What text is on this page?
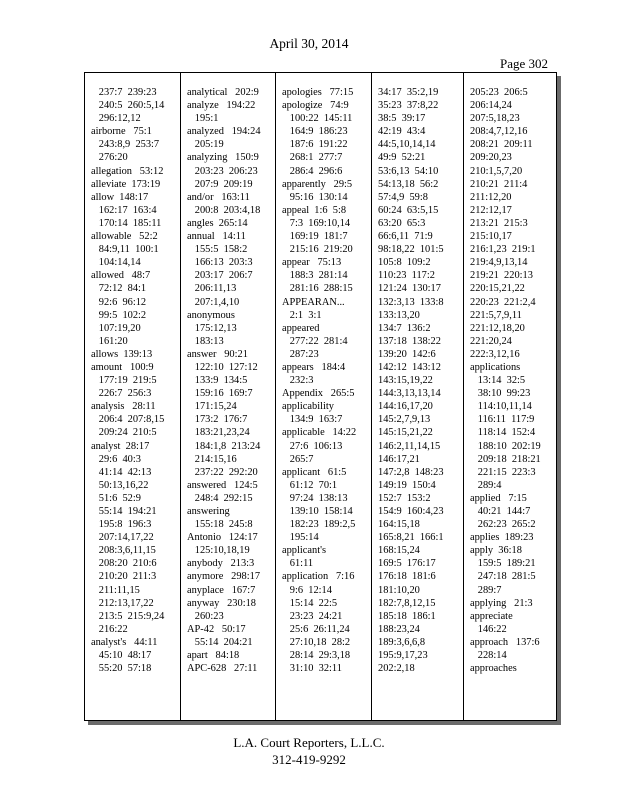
April 30, 2014
Page 302
237:7  239:23
240:5  260:5,14
296:12,12
airborne   75:1
243:8,9  253:7
276:20
allegation   53:12
alleviate  173:19
allow  148:17
162:17  163:4
170:14  185:11
allowable   52:2
84:9,11  100:1
104:14,14
allowed   48:7
72:12  84:1
92:6  96:12
99:5  102:2
107:19,20
161:20
allows  139:13
amount   100:9
177:19  219:5
226:7  256:3
analysis   28:11
206:4  207:8,15
209:24  210:5
analyst  28:17
29:6  40:3
41:14  42:13
50:13,16,22
51:6  52:9
55:14  194:21
195:8  196:3
207:14,17,22
208:3,6,11,15
208:20  210:6
210:20  211:3
211:11,15
212:13,17,22
213:5  215:9,24
216:22
analyst's   44:11
45:10  48:17
55:20  57:18
analytical   202:9
analyze   194:22
195:1
analyzed   194:24
205:19
analyzing   150:9
203:23  206:23
207:9  209:19
and/or   163:11
200:8  203:4,18
angles  265:14
annual   14:11
155:5  158:2
166:13  203:3
203:17  206:7
206:11,13
207:1,4,10
anonymous
175:12,13
183:13
answer   90:21
122:10  127:12
133:9  134:5
159:16  169:7
171:15,24
173:2  176:7
183:21,23,24
184:1,8  213:24
214:15,16
237:22  292:20
answered   124:5
248:4  292:15
answering
155:18  245:8
Antonio   124:17
125:10,18,19
anybody   213:3
anymore   298:17
anyplace   167:7
anyway   230:18
260:23
AP-42   50:17
55:14  204:21
apart   84:18
APC-628   27:11
apologies   77:15
apologize   74:9
100:22  145:11
164:9  186:23
187:6  191:22
268:1  277:7
286:4  296:6
apparently   29:5
95:16  130:14
appeal  1:6  5:8
7:3  169:10,14
169:19  181:7
215:16  219:20
appear   75:13
188:3  281:14
281:16  288:15
APPEARAN...
2:1  3:1
appeared
277:22  281:4
287:23
appears   184:4
232:3
Appendix   265:5
applicability
134:9  163:7
applicable   14:22
27:6  106:13
265:7
applicant   61:5
61:12  70:1
97:24  138:13
139:10  158:14
182:23  189:2,5
195:14
applicant's
61:11
application   7:16
9:6  12:14
15:14  22:5
23:23  24:21
25:6  26:11,24
27:10,18  28:2
28:14  29:3,18
31:10  32:11
34:17  35:2,19
35:23  37:8,22
38:5  39:17
42:19  43:4
44:5,10,14,14
49:9  52:21
53:6,13  54:10
54:13,18  56:2
57:4,9  59:8
60:24  63:5,15
63:20  65:3
66:6,11  71:9
98:18,22  101:5
105:8  109:2
110:23  117:2
121:24  130:17
132:3,13  133:8
133:13,20
134:7  136:2
137:18  138:22
139:20  142:6
142:12  143:12
143:15,19,22
144:3,13,13,14
144:16,17,20
145:2,7,9,13
145:15,21,22
146:2,11,14,15
146:17,21
147:2,8  148:23
149:19  150:4
152:7  153:2
154:9  160:4,23
164:15,18
165:8,21  166:1
168:15,24
169:5  176:17
176:18  181:6
181:10,20
182:7,8,12,15
185:18  186:1
188:23,24
189:3,6,6,8
195:9,17,23
202:2,18
205:23  206:5
206:14,24
207:5,18,23
208:4,7,12,16
208:21  209:11
209:20,23
210:1,5,7,20
210:21  211:4
211:12,20
212:12,17
213:21  215:3
215:10,17
216:1,23  219:1
219:4,9,13,14
219:21  220:13
220:15,21,22
220:23  221:2,4
221:5,7,9,11
221:12,18,20
221:20,24
222:3,12,16
applications
13:14  32:5
38:10  99:23
114:10,11,14
116:11  117:9
118:14  152:4
188:10  202:19
209:18  218:21
221:15  223:3
289:4
applied   7:15
40:21  144:7
262:23  265:2
applies  189:23
apply  36:18
159:5  189:21
247:18  281:5
289:7
applying   21:3
appreciate
146:22
approach   137:6
228:14
approaches
L.A. Court Reporters, L.L.C.
312-419-9292
